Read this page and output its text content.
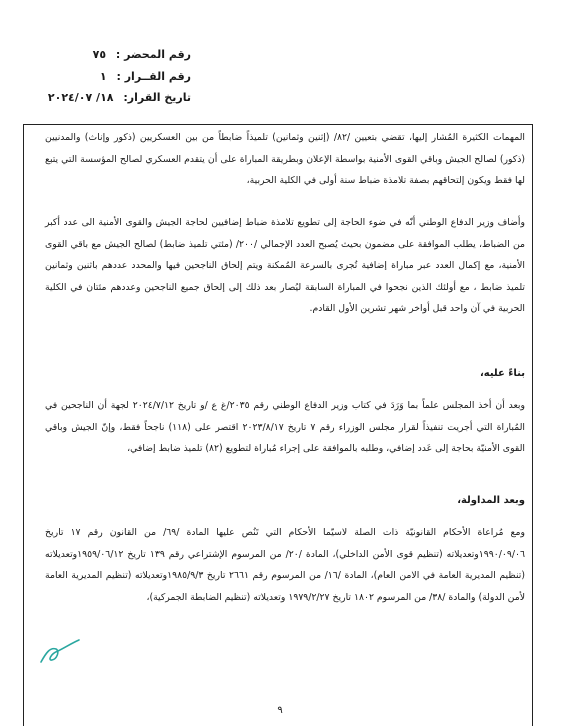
رقم المحضر : ٧٥
رقم القــرار : ١
تاريخ القرار: ١٨/ ٢٠٢٤/٠٧

المهمات الكثيرة المُشار إليها، تقضي بتعيين /٨٢/ (إثنين وثمانين) تلميذاً ضابطاً من بين العسكريين (ذكور وإناث) والمدنيين (ذكور) لصالح الجيش وباقي القوى الأمنية بواسطة الإعلان وبطريقة المباراة على أن يتقدم العسكري لصالح المؤسسة التي يتبع لها فقط ويكون إلتحاقهم بصفة تلامذة ضباط سنة أولى في الكلية الحربية،

وأضاف وزير الدفاع الوطني أنّه في ضوء الحاجة إلى تطويع تلامذة ضباط إضافيين لحاجة الجيش والقوى الأمنية الى عدد أكبر من الضباط، يطلب الموافقة على مضمون بحيث يُصبح العدد الإجمالي /٢٠٠/ (مئتي تلميذ ضابط) لصالح الجيش مع باقي القوى الأمنية، مع إكمال العدد عبر مباراة إضافية تُجرى بالسرعة المُمكنة ويتم إلحاق الناجحين فيها والمحدد عددهم باثنين وثمانين تلميذ ضابط ، مع أولئك الذين نجحوا في المباراة السابقة ليُصار بعد ذلك إلى إلحاق جميع الناجحين وعددهم مئتان في الكلية الحربية في آن واحد قبل أواخر شهر تشرين الأول القادم.

بناءً عليه،

وبعد أن أخذ المجلس علماً بما وَرَدَ في كتاب وزير الدفاع الوطني رقم ٢٠٣٥/غ ع /و تاريخ ٢٠٢٤/٧/١٢ لجهة أن الناجحين في المُباراة التي أجريت تنفيذاً لقرار مجلس الوزراء رقم ٧ تاريخ ٢٠٢٣/٨/١٧ اقتصر على (١١٨) ناجحاً فقط، وإنّ الجيش وباقي القوى الأمنيّة بحاجة إلى عَدد إضافي، وطلبه بالموافقة على إجراء مُباراة لتطويع (٨٢) تلميذ ضابط إضافي،

وبعد المداولة،

ومع مُراعاة الأحكام القانونيّة ذات الصلة لاسيّما الأحكام التي تَنُص عليها المادة /٦٩/ من القانون رقم ١٧ تاريخ ١٩٩٠/٠٩/٠٦وتعديلاته (تنظيم قوى الأمن الداخلي)، المادة /٢٠/ من المرسوم الإشتراعي رقم ١٣٩ تاريخ ١٩٥٩/٠٦/١٢وتعديلاته (تنظيم المديرية العامة في الامن العام)، المادة /١٦/ من المرسوم رقم ٢٦٦١ تاريخ ١٩٨٥/٩/٣وتعديلاته (تنظيم المديرية العامة لأمن الدولة) والمادة /٣٨/ من المرسوم ١٨٠٢ تاريخ ١٩٧٩/٢/٢٧ وتعديلاته (تنظيم الضابطة الجمركية)،

٩
